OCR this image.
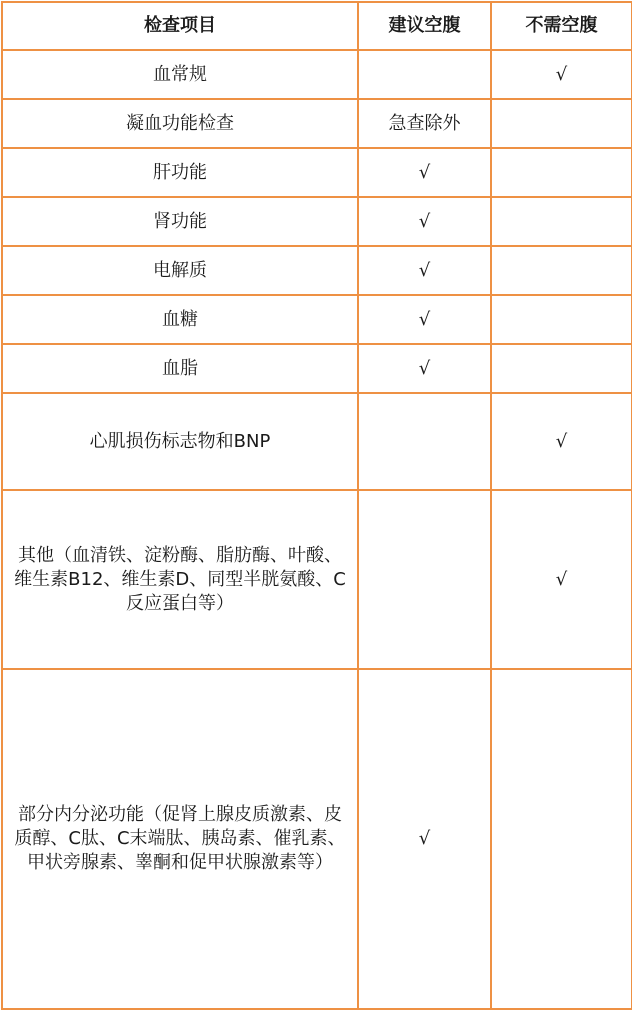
检查项目	建议空腹	不需空腹
血常规		√
凝血功能检查	急查除外	
肝功能	√	
肾功能	√	
电解质	√	
血糖	√	
血脂	√	
心肌损伤标志物和BNP		√
其他（血清铁、淀粉酶、脂肪酶、叶酸、维生素B12、维生素D、同型半胱氨酸、C反应蛋白等）		√
部分内分泌功能（促肾上腺皮质激素、皮质醇、C肽、C末端肽、胰岛素、催乳素、甲状旁腺素、睾酮和促甲状腺激素等）	√	
